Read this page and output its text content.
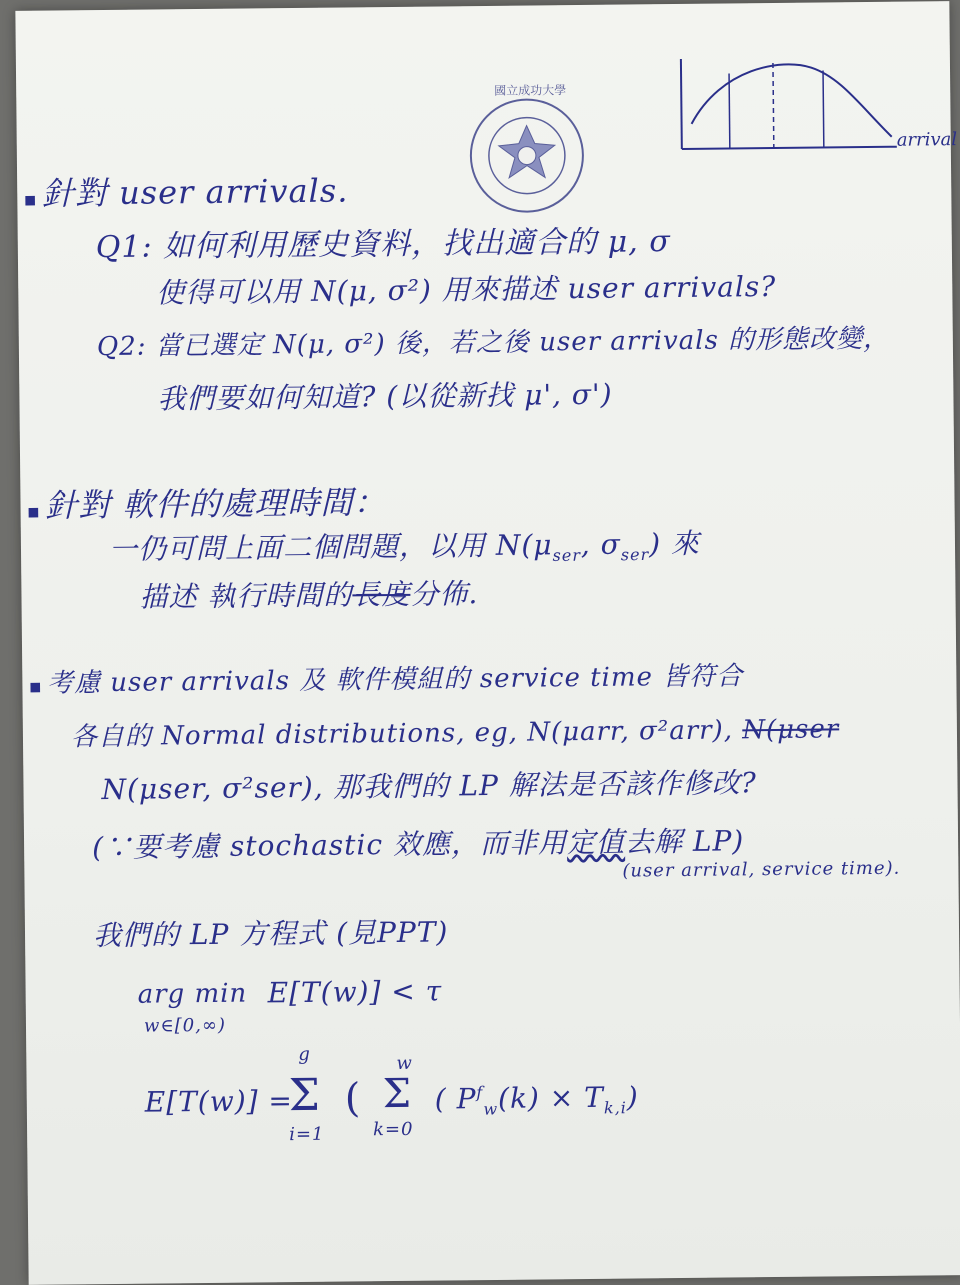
國立成功大學
arrival
■ 針對 user arrivals.
Q1: 如何利用歷史資料，找出適合的 μ, σ
使得可以用 N(μ, σ²) 用來描述 user arrivals?
Q2: 當已選定 N(μ, σ²) 後，若之後 user arrivals 的形態改變，
我們要如何知道? (以從新找 μ', σ')
■ 針對 軟件的處理時間：
一仍可問上面二個問題，以用 $N(\mu_{ser}$, $\sigma_{ser}$) 來
描述 執行時間的長度分佈.
■ 考慮 user arrivals 及 軟件模組的 service time 皆符合
各自的 Normal distributions, eg, N(μarr, σ²arr), N(μser
N(μser, σ²ser), 那我們的 LP 解法是否該作修改?
(∵要考慮 stochastic 效應，而非用定值去解 LP)
(user arrival, service time).
我們的 LP 方程式 (見PPT)
arg min
w∈[0,∞)
E[T(w)] < τ
E[T(w)] =
g
Σ
i=1
(
w
Σ
k=0
( $P^f_w(k) \times T_{k,i}$)
